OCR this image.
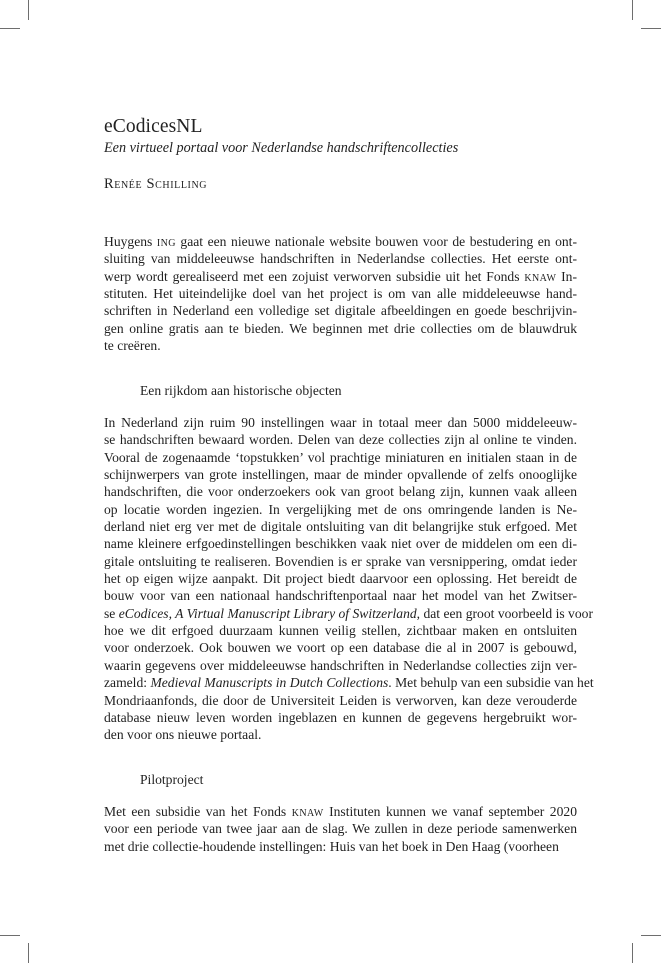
eCodicesNL
Een virtueel portaal voor Nederlandse handschriftencollecties
Renée Schilling
Huygens ing gaat een nieuwe nationale website bouwen voor de bestudering en ont-
sluiting van middeleeuwse handschriften in Nederlandse collecties. Het eerste ont-
werp wordt gerealiseerd met een zojuist verworven subsidie uit het Fonds knaw In-
stituten. Het uiteindelijke doel van het project is om van alle middeleeuwse hand-
schriften in Nederland een volledige set digitale afbeeldingen en goede beschrijvin-
gen online gratis aan te bieden. We beginnen met drie collecties om de blauwdruk
te creëren.
Een rijkdom aan historische objecten
In Nederland zijn ruim 90 instellingen waar in totaal meer dan 5000 middeleeuw-
se handschriften bewaard worden. Delen van deze collecties zijn al online te vinden.
Vooral de zogenaamde ‘topstukken’ vol prachtige miniaturen en initialen staan in de
schijnwerpers van grote instellingen, maar de minder opvallende of zelfs onooglijke
handschriften, die voor onderzoekers ook van groot belang zijn, kunnen vaak alleen
op locatie worden ingezien. In vergelijking met de ons omringende landen is Ne-
derland niet erg ver met de digitale ontsluiting van dit belangrijke stuk erfgoed. Met
name kleinere erfgoedinstellingen beschikken vaak niet over de middelen om een di-
gitale ontsluiting te realiseren. Bovendien is er sprake van versnippering, omdat ieder
het op eigen wijze aanpakt. Dit project biedt daarvoor een oplossing. Het bereidt de
bouw voor van een nationaal handschriftenportaal naar het model van het Zwitser-
se eCodices, A Virtual Manuscript Library of Switzerland, dat een groot voorbeeld is voor
hoe we dit erfgoed duurzaam kunnen veilig stellen, zichtbaar maken en ontsluiten
voor onderzoek. Ook bouwen we voort op een database die al in 2007 is gebouwd,
waarin gegevens over middeleeuwse handschriften in Nederlandse collecties zijn ver-
zameld: Medieval Manuscripts in Dutch Collections. Met behulp van een subsidie van het
Mondriaanfonds, die door de Universiteit Leiden is verworven, kan deze verouderde
database nieuw leven worden ingeblazen en kunnen de gegevens hergebruikt wor-
den voor ons nieuwe portaal.
Pilotproject
Met een subsidie van het Fonds knaw Instituten kunnen we vanaf september 2020
voor een periode van twee jaar aan de slag. We zullen in deze periode samenwerken
met drie collectie-houdende instellingen: Huis van het boek in Den Haag (voorheen
